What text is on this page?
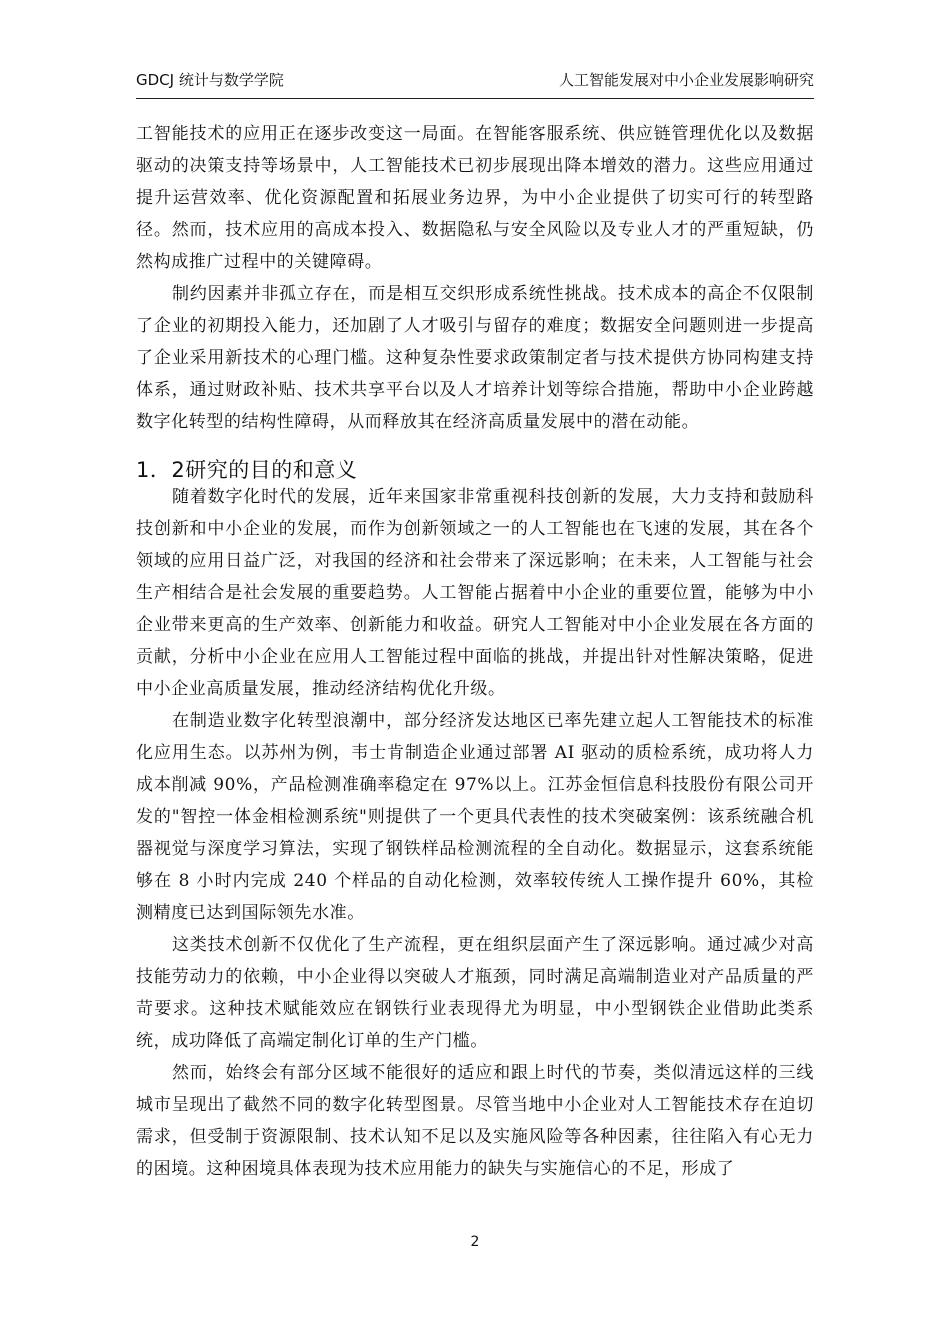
GDCJ 统计与数学学院	人工智能发展对中小企业发展影响研究

工智能技术的应用正在逐步改变这一局面。在智能客服系统、供应链管理优化以及数据驱动的决策支持等场景中，人工智能技术已初步展现出降本增效的潜力。这些应用通过提升运营效率、优化资源配置和拓展业务边界，为中小企业提供了切实可行的转型路径。然而，技术应用的高成本投入、数据隐私与安全风险以及专业人才的严重短缺，仍然构成推广过程中的关键障碍。

制约因素并非孤立存在，而是相互交织形成系统性挑战。技术成本的高企不仅限制了企业的初期投入能力，还加剧了人才吸引与留存的难度；数据安全问题则进一步提高了企业采用新技术的心理门槛。这种复杂性要求政策制定者与技术提供方协同构建支持体系，通过财政补贴、技术共享平台以及人才培养计划等综合措施，帮助中小企业跨越数字化转型的结构性障碍，从而释放其在经济高质量发展中的潜在动能。

1．2研究的目的和意义

随着数字化时代的发展，近年来国家非常重视科技创新的发展，大力支持和鼓励科技创新和中小企业的发展，而作为创新领域之一的人工智能也在飞速的发展，其在各个领域的应用日益广泛，对我国的经济和社会带来了深远影响；在未来，人工智能与社会生产相结合是社会发展的重要趋势。人工智能占据着中小企业的重要位置，能够为中小企业带来更高的生产效率、创新能力和收益。研究人工智能对中小企业发展在各方面的贡献，分析中小企业在应用人工智能过程中面临的挑战，并提出针对性解决策略，促进中小企业高质量发展，推动经济结构优化升级。

在制造业数字化转型浪潮中，部分经济发达地区已率先建立起人工智能技术的标准化应用生态。以苏州为例，韦士肯制造企业通过部署 AI 驱动的质检系统，成功将人力成本削减 90%，产品检测准确率稳定在 97%以上。江苏金恒信息科技股份有限公司开发的"智控一体金相检测系统"则提供了一个更具代表性的技术突破案例：该系统融合机器视觉与深度学习算法，实现了钢铁样品检测流程的全自动化。数据显示，这套系统能够在 8 小时内完成 240 个样品的自动化检测，效率较传统人工操作提升 60%，其检测精度已达到国际领先水准。

这类技术创新不仅优化了生产流程，更在组织层面产生了深远影响。通过减少对高技能劳动力的依赖，中小企业得以突破人才瓶颈，同时满足高端制造业对产品质量的严苛要求。这种技术赋能效应在钢铁行业表现得尤为明显，中小型钢铁企业借助此类系统，成功降低了高端定制化订单的生产门槛。

然而，始终会有部分区域不能很好的适应和跟上时代的节奏，类似清远这样的三线城市呈现出了截然不同的数字化转型图景。尽管当地中小企业对人工智能技术存在迫切需求，但受制于资源限制、技术认知不足以及实施风险等各种因素，往往陷入有心无力的困境。这种困境具体表现为技术应用能力的缺失与实施信心的不足，形成了

2
